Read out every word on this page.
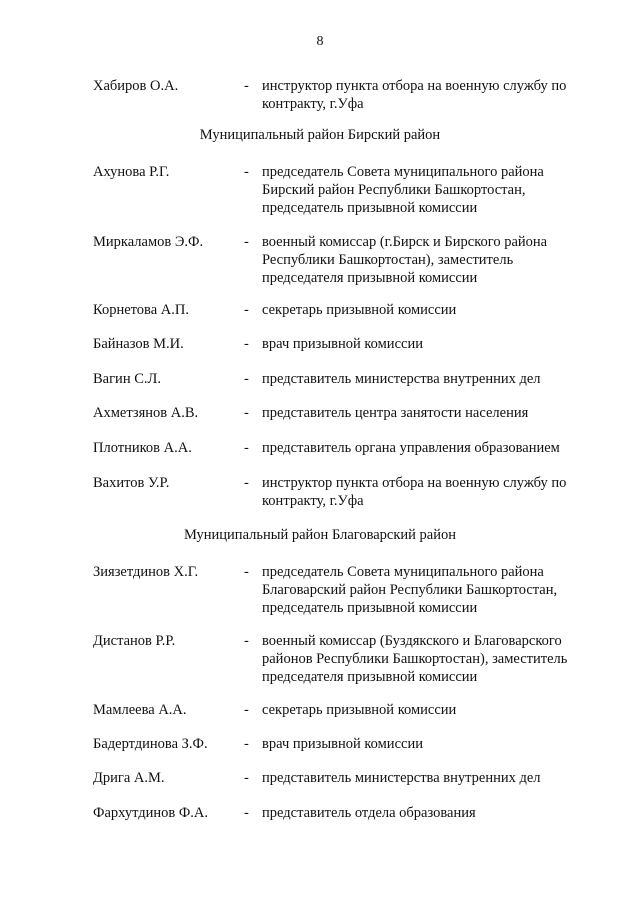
8
Хабиров О.А.	- инструктор пункта отбора на военную службу по
контракту, г.Уфа
Муниципальный район Бирский район
Ахунова Р.Г.	- председатель Совета муниципального района
Бирский район Республики Башкортостан,
председатель призывной комиссии
Миркаламов Э.Ф.	- военный комиссар (г.Бирск и Бирского района
Республики Башкортостан), заместитель
председателя призывной комиссии
Корнетова А.П.	- секретарь призывной комиссии
Байназов М.И.	- врач призывной комиссии
Вагин С.Л.	- представитель министерства внутренних дел
Ахметзянов А.В.	- представитель центра занятости населения
Плотников А.А.	- представитель органа управления образованием
Вахитов У.Р.	- инструктор пункта отбора на военную службу по
контракту, г.Уфа
Муниципальный район Благоварский район
Зиязетдинов Х.Г.	- председатель Совета муниципального района
Благоварский район Республики Башкортостан,
председатель призывной комиссии
Дистанов Р.Р.	- военный комиссар (Буздякского и Благоварского
районов Республики Башкортостан), заместитель
председателя призывной комиссии
Мамлеева А.А.	- секретарь призывной комиссии
Бадертдинова З.Ф.	- врач призывной комиссии
Дрига А.М.	- представитель министерства внутренних дел
Фархутдинов Ф.А. - представитель отдела образования
